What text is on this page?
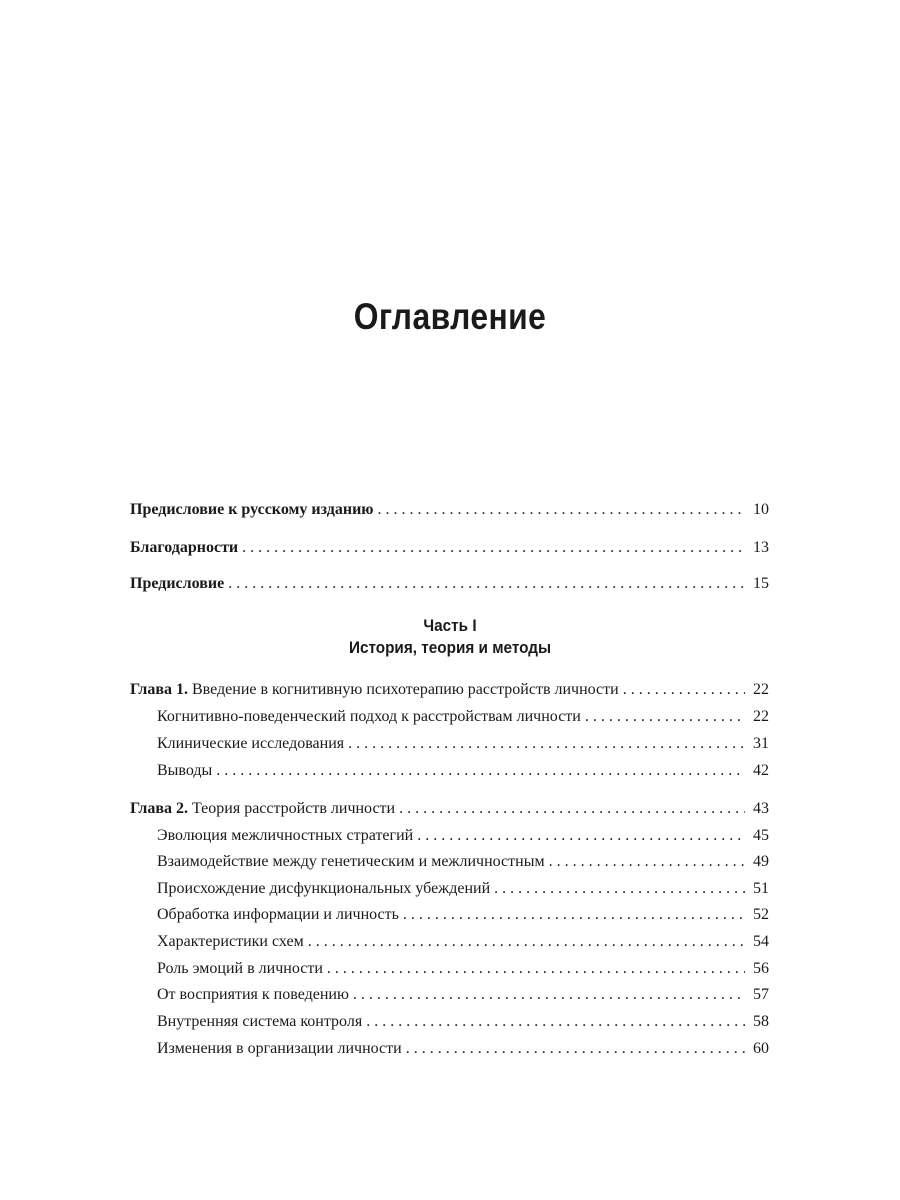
Оглавление
Предисловие к русскому изданию . . .	10
Благодарности . . .	13
Предисловие . . .	15
Часть I
История, теория и методы
Глава 1. Введение в когнитивную психотерапию расстройств личности . . .	22
Когнитивно-поведенческий подход к расстройствам личности . . .	22
Клинические исследования . . .	31
Выводы . . .	42
Глава 2. Теория расстройств личности . . .	43
Эволюция межличностных стратегий . . .	45
Взаимодействие между генетическим и межличностным . . .	49
Происхождение дисфункциональных убеждений . . .	51
Обработка информации и личность . . .	52
Характеристики схем . . .	54
Роль эмоций в личности . . .	56
От восприятия к поведению . . .	57
Внутренняя система контроля . . .	58
Изменения в организации личности . . .	60
